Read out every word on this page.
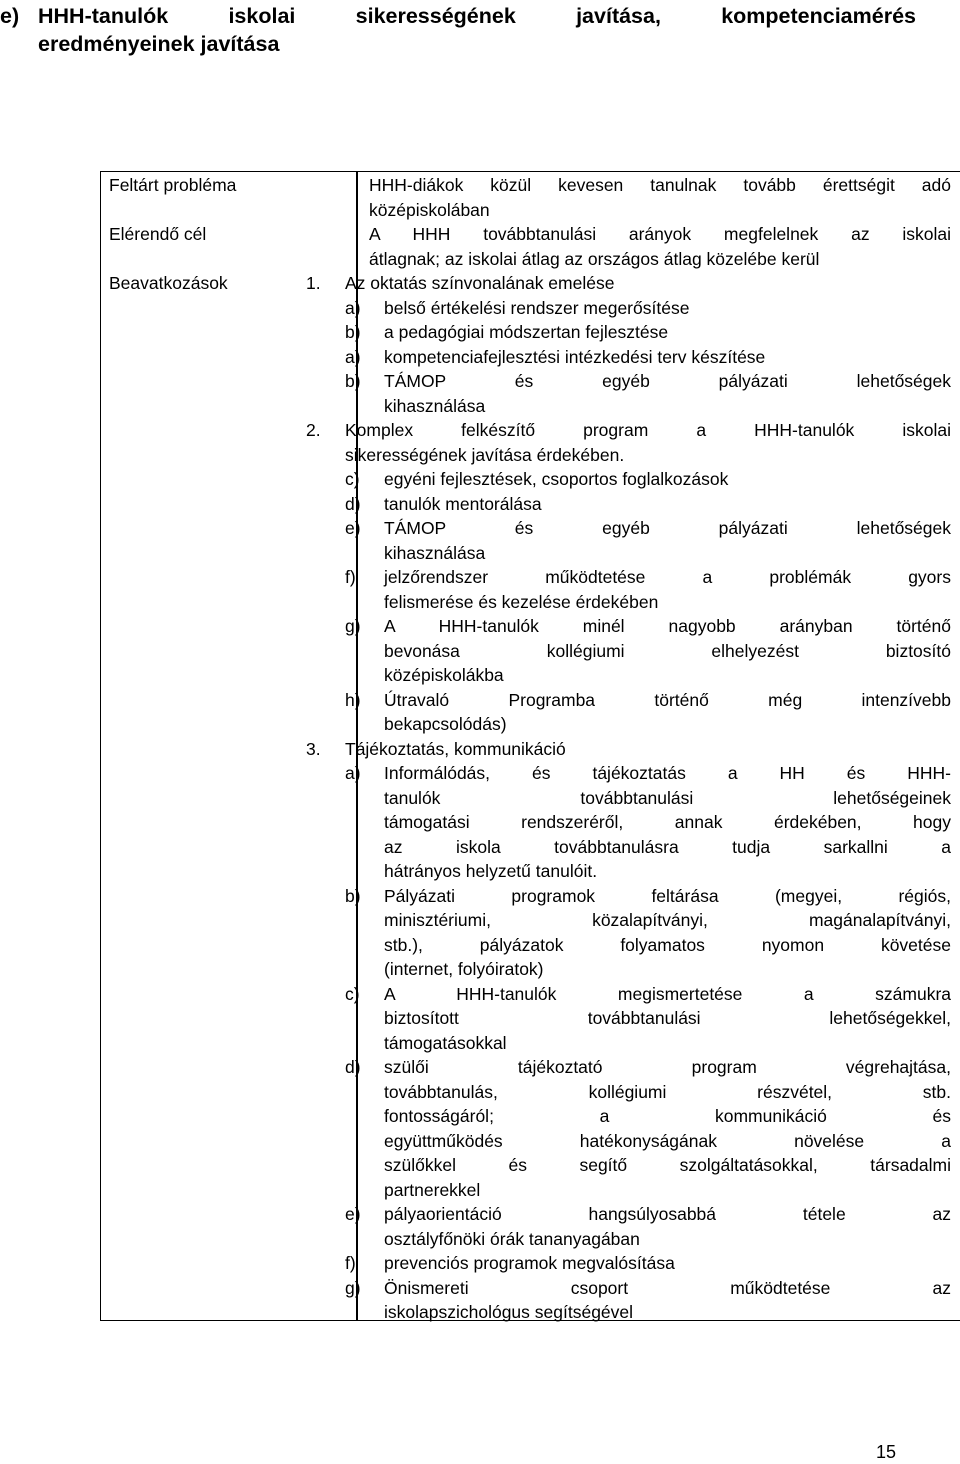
e) HHH-tanulók iskolai sikerességének javítása, kompetenciamérés
eredményeinek javítása
Feltárt probléma	HHH-diákok közül kevesen tanulnak tovább érettségit adó
középiskolában
Elérendő cél	A HHH továbbtanulási arányok megfelelnek az iskolai
átlagnak; az iskolai átlag az országos átlag közelébe kerül
Beavatkozások	1. Az oktatás színvonalának emelése
a) belső értékelési rendszer megerősítése
b) a pedagógiai módszertan fejlesztése
a) kompetenciafejlesztési intézkedési terv készítése
b) TÁMOP és egyéb pályázati lehetőségek
kihasználása
2. Komplex felkészítő program a HHH-tanulók iskolai
sikerességének javítása érdekében.
c) egyéni fejlesztések, csoportos foglalkozások
d) tanulók mentorálása
e) TÁMOP és egyéb pályázati lehetőségek
kihasználása
f) jelzőrendszer működtetése a problémák gyors
felismerése és kezelése érdekében
g) A HHH-tanulók minél nagyobb arányban történő
bevonása kollégiumi elhelyezést biztosító
középiskolákba
h) Útravaló Programba történő még intenzívebb
bekapcsolódás)
3. Tájékoztatás, kommunikáció
a) Informálódás, és tájékoztatás a HH és HHH-
tanulók továbbtanulási lehetőségeinek
támogatási rendszeréről, annak érdekében, hogy
az iskola továbbtanulásra tudja sarkallni a
hátrányos helyzetű tanulóit.
b) Pályázati programok feltárása (megyei, régiós,
minisztériumi, közalapítványi, magánalapítványi,
stb.), pályázatok folyamatos nyomon követése
(internet, folyóiratok)
c) A HHH-tanulók megismertetése a számukra
biztosított továbbtanulási lehetőségekkel,
támogatásokkal
d) szülői tájékoztató program végrehajtása,
továbbtanulás, kollégiumi részvétel, stb.
fontosságáról; a kommunikáció és
együttműködés hatékonyságának növelése a
szülőkkel és segítő szolgáltatásokkal, társadalmi
partnerekkel
e) pályaorientáció hangsúlyosabbá tétele az
osztályfőnöki órák tananyagában
f) prevenciós programok megvalósítása
g) Önismereti csoport működtetése az
iskolapszichológus segítségével
15
